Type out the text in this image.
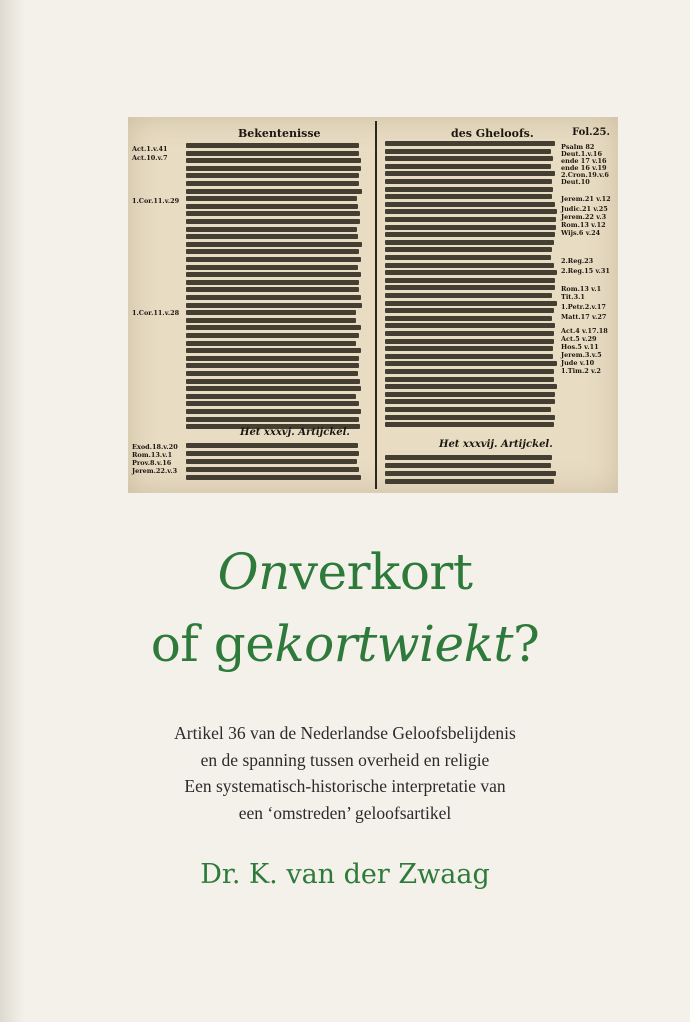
Bekentenisse
Act.1.v.41
Act.10.v.7
1.Cor.11.v.29
1.Cor.11.v.28
Het xxxvj. Artijckel.
Exod.18.v.20
Rom.13.v.1
Prov.8.v.16
Jerem.22.v.3
des Gheloofs.	Fol.25.
Psalm 82
Deut.1.v.16
ende 17 v.16
ende 16 v.19
2.Cron.19.v.6
Deut.10
Jerem.21 v.12
Judic.21 v.25
Jerem.22 v.3
Rom.13 v.12
Wijs.6 v.24
2.Reg.23
2.Reg.15 v.31
Rom.13 v.1
Tit.3.1
1.Petr.2.v.17
Matt.17 v.27
Act.4 v.17.18
Act.5 v.29
Hos.5 v.11
Jerem.3.v.5
Jude v.10
1.Tim.2 v.2
Het xxxvij. Artijckel.
Onverkort
of gekortwiekt?
Artikel 36 van de Nederlandse Geloofsbelijdenis
en de spanning tussen overheid en religie
Een systematisch-historische interpretatie van
een ‘omstreden’ geloofsartikel
Dr. K. van der Zwaag
